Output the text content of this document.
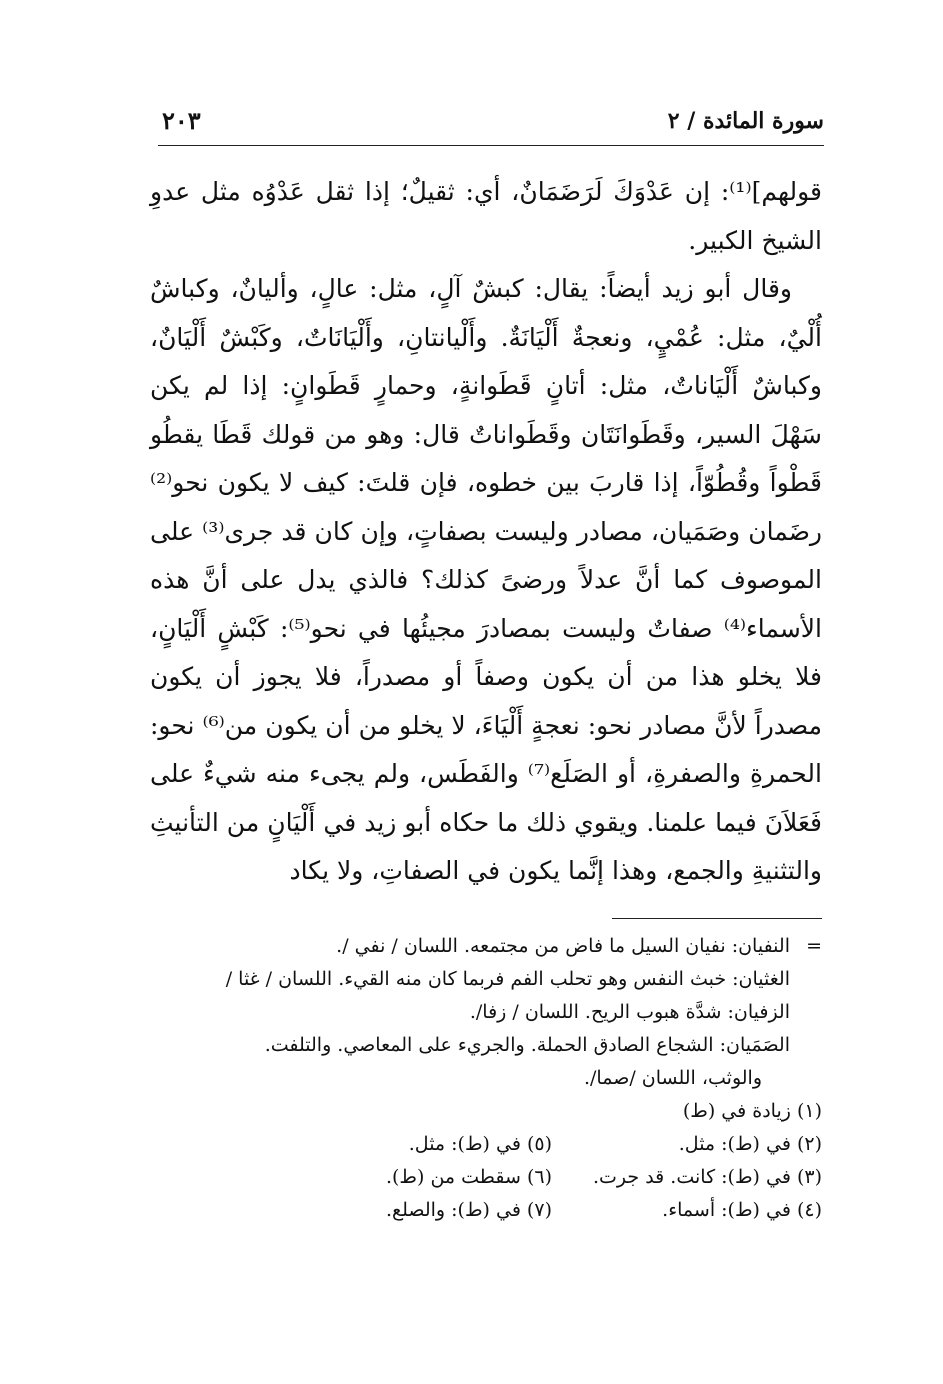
سورة المائدة / ٢
٢٠٣

قولهم]⁽¹⁾: إن عَدْوَكَ لَرَضَمَانٌ، أي: ثقيلٌ؛ إذا ثقل عَدْوُه مثل عدوِ الشيخ الكبير.

وقال أبو زيد أيضاً: يقال: كبشٌ آلٍ، مثل: عالٍ، وأليانٌ، وكباشٌ أُلْيٌ، مثل: عُمْيٍ، ونعجةٌ أَلْيَانَةٌ. وأَلْيانتانِ، وأَلْيَانَاتٌ، وكَبْشٌ أَلْيَانٌ، وكباشٌ أَلْيَاناتٌ، مثل: أتانٍ قَطَوانةٍ، وحمارٍ قَطَوانٍ: إذا لم يكن سَهْلَ السير، وقَطَوانَتَان وقَطَواناتٌ قال: وهو من قولك قَطَا يقطُو قَطْواً وقُطُوّاً، إذا قاربَ بين خطوه، فإن قلتَ: كيف لا يكون نحو⁽²⁾ رضَمان وصَمَيان، مصادر وليست بصفاتٍ، وإن كان قد جرى⁽³⁾ على الموصوف كما أنَّ عدلاً ورضىً كذلك؟ فالذي يدل على أنَّ هذه الأسماء⁽⁴⁾ صفاتٌ وليست بمصادرَ مجيئُها في نحو⁽⁵⁾: كَبْشٍ أَلْيَانٍ، فلا يخلو هذا من أن يكون وصفاً أو مصدراً، فلا يجوز أن يكون مصدراً لأنَّ مصادر نحو: نعجةٍ أَلْيَاءَ، لا يخلو من أن يكون من⁽⁶⁾ نحو: الحمرةِ والصفرةِ، أو الصَلَع⁽⁷⁾ والفَطَس، ولم يجىء منه شيءٌ على فَعَلاَنَ فيما علمنا. ويقوي ذلك ما حكاه أبو زيد في أَلْيَانٍ من التأنيثِ والتثنيةِ والجمع، وهذا إنَّما يكون في الصفاتِ، ولا يكاد

=النفيان: نفيان السيل ما فاض من مجتمعه. اللسان / نفي /.

الغثيان: خبث النفس وهو تحلب الفم فربما كان منه القيء. اللسان / غثا /

الزفيان: شدَّة هبوب الريح. اللسان / زفا/.

الصَمَيان: الشجاع الصادق الحملة. والجريء على المعاصي. والتلفت.

والوثب، اللسان /صما/.

(١) زيادة في (ط)

(٢) في (ط): مثل.
(٥) في (ط): مثل.
(٣) في (ط): كانت. قد جرت.
(٦) سقطت من (ط).
(٤) في (ط): أسماء.
(٧) في (ط): والصلع.
